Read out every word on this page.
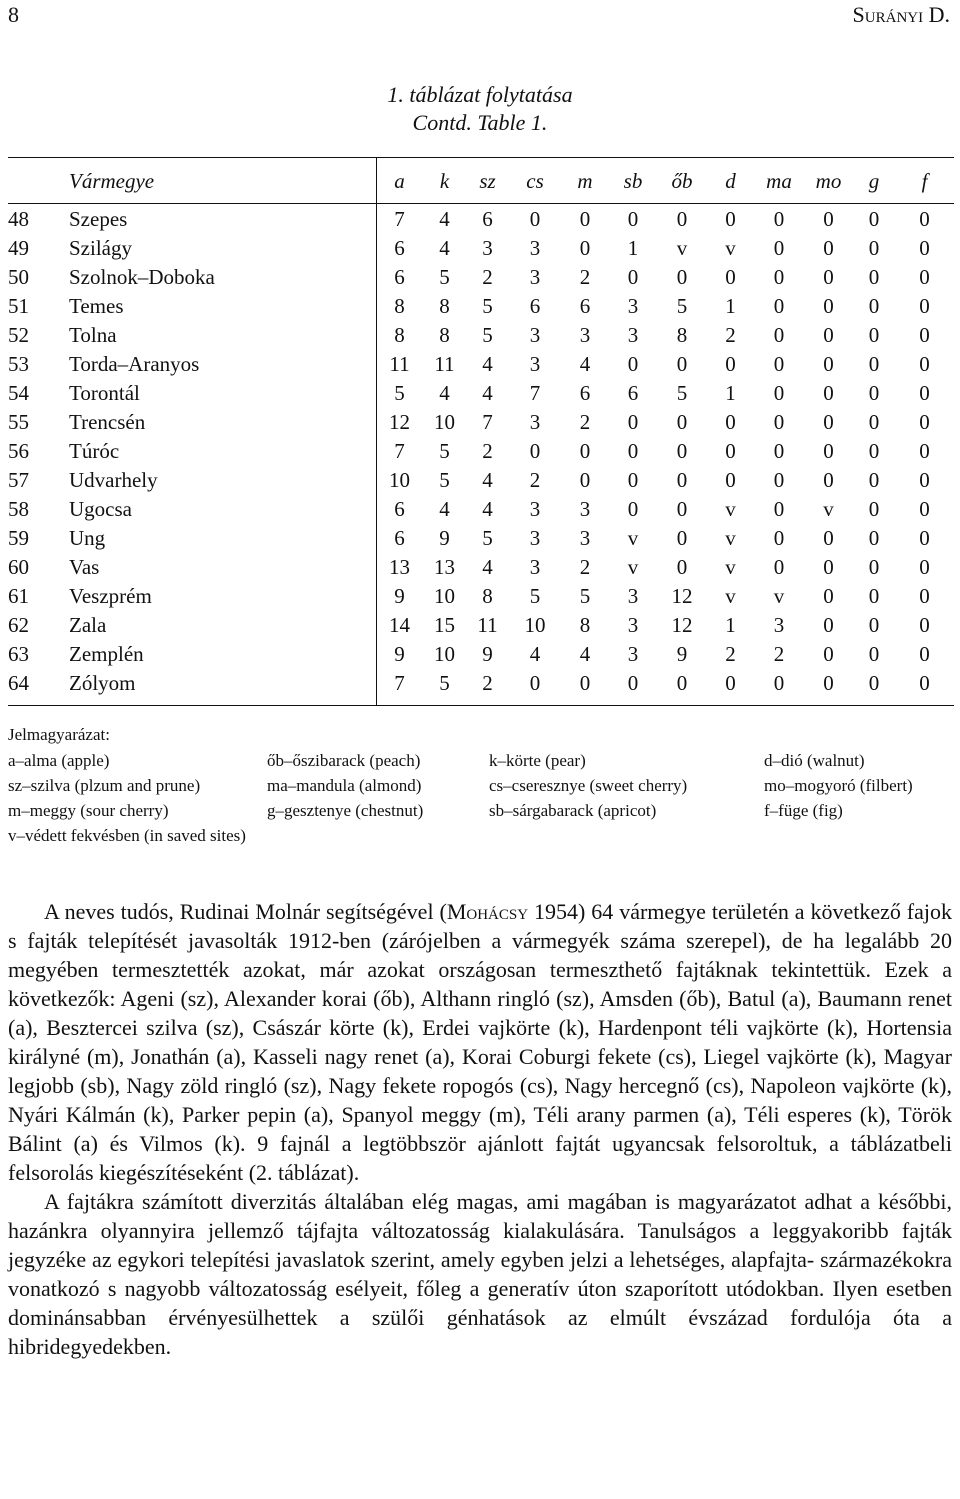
8	Surányi D.
1. táblázat folytatása
Contd. Table 1.
	Vármegye	a	k	sz	cs	m	sb	őb	d	ma	mo	g	f
48	Szepes	7	4	6	0	0	0	0	0	0	0	0	0
49	Szilágy	6	4	3	3	0	1	v	v	0	0	0	0
50	Szolnok–Doboka	6	5	2	3	2	0	0	0	0	0	0	0
51	Temes	8	8	5	6	6	3	5	1	0	0	0	0
52	Tolna	8	8	5	3	3	3	8	2	0	0	0	0
53	Torda–Aranyos	11	11	4	3	4	0	0	0	0	0	0	0
54	Torontál	5	4	4	7	6	6	5	1	0	0	0	0
55	Trencsén	12	10	7	3	2	0	0	0	0	0	0	0
56	Túróc	7	5	2	0	0	0	0	0	0	0	0	0
57	Udvarhely	10	5	4	2	0	0	0	0	0	0	0	0
58	Ugocsa	6	4	4	3	3	0	0	v	0	v	0	0
59	Ung	6	9	5	3	3	v	0	v	0	0	0	0
60	Vas	13	13	4	3	2	v	0	v	0	0	0	0
61	Veszprém	9	10	8	5	5	3	12	v	v	0	0	0
62	Zala	14	15	11	10	8	3	12	1	3	0	0	0
63	Zemplén	9	10	9	4	4	3	9	2	2	0	0	0
64	Zólyom	7	5	2	0	0	0	0	0	0	0	0	0
Jelmagyarázat:
a–alma (apple)	őb–őszibarack (peach)	k–körte (pear)	d–dió (walnut)
sz–szilva (plzum and prune)	ma–mandula (almond)	cs–cseresznye (sweet cherry)	mo–mogyoró (filbert)
m–meggy (sour cherry)	g–gesztenye (chestnut)	sb–sárgabarack (apricot)	f–füge (fig)
v–védett fekvésben (in saved sites)

A neves tudós, Rudinai Molnár segítségével (Mohácsy 1954) 64 vármegye területén a következő fajok s fajták telepítését javasolták 1912-ben (zárójelben a vármegyék száma szerepel), de ha legalább 20 megyében termesztették azokat, már azokat országosan termeszthető fajtáknak tekintettük. Ezek a következők: Ageni (sz), Alexander korai (őb), Althann ringló (sz), Amsden (őb), Batul (a), Baumann renet (a), Besztercei szilva (sz), Császár körte (k), Erdei vajkörte (k), Hardenpont téli vajkörte (k), Hortensia királyné (m), Jonathán (a), Kasseli nagy renet (a), Korai Coburgi fekete (cs), Liegel vajkörte (k), Magyar legjobb (sb), Nagy zöld ringló (sz), Nagy fekete ropogós (cs), Nagy hercegnő (cs), Napoleon vajkörte (k), Nyári Kálmán (k), Parker pepin (a), Spanyol meggy (m), Téli arany parmen (a), Téli esperes (k), Török Bálint (a) és Vilmos (k). 9 fajnál a legtöbbször ajánlott fajtát ugyancsak felsoroltuk, a táblázatbeli felsorolás kiegészítéseként (2. táblázat).

A fajtákra számított diverzitás általában elég magas, ami magában is magyarázatot adhat a későbbi, hazánkra olyannyira jellemző tájfajta változatosság kialakulására. Tanulságos a leggyakoribb fajták jegyzéke az egykori telepítési javaslatok szerint, amely egyben jelzi a lehetséges, alapfajta- származékokra vonatkozó s nagyobb változatosság esélyeit, főleg a generatív úton szaporított utódokban. Ilyen esetben dominánsabban érvényesülhettek a szülői génhatások az elmúlt évszázad fordulója óta a hibridegyedekben.
